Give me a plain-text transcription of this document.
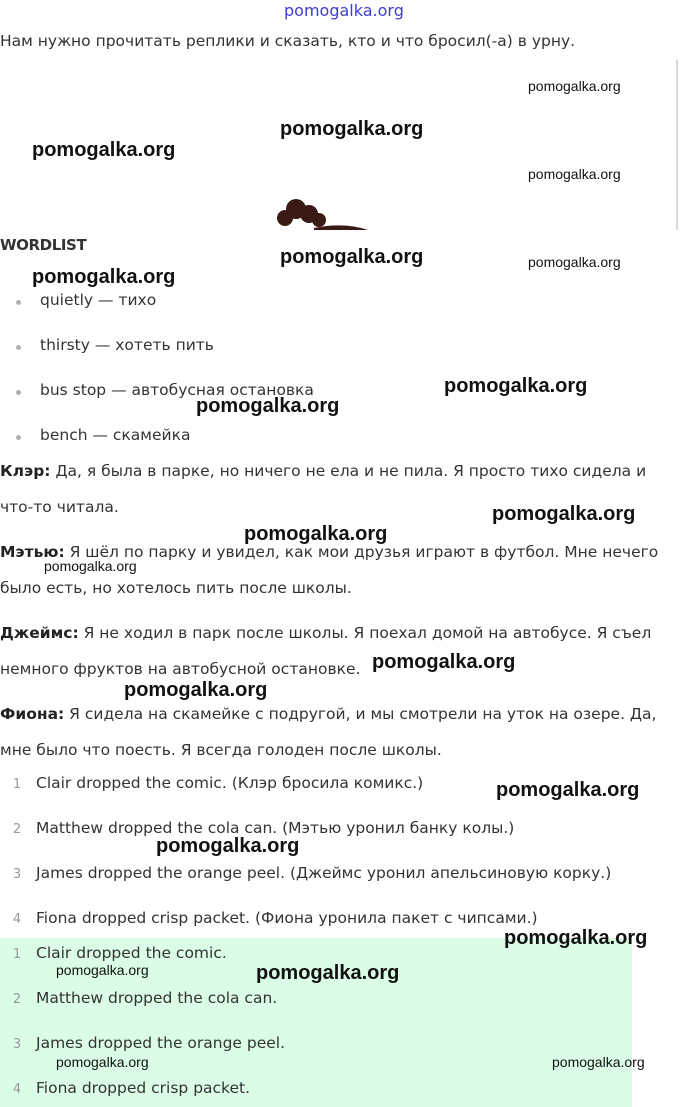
pomogalka.org
Нам нужно прочитать реплики и сказать, кто и что бросил(-а) в урну.
WORDLIST
quietly — тихо
thirsty — хотеть пить
bus stop — автобусная остановка
bench — скамейка
Клэр: Да, я была в парке, но ничего не ела и не пила. Я просто тихо сидела и
что-то читала.
Мэтью: Я шёл по парку и увидел, как мои друзья играют в футбол. Мне нечего
было есть, но хотелось пить после школы.
Джеймс: Я не ходил в парк после школы. Я поехал домой на автобусе. Я съел
немного фруктов на автобусной остановке.
Фиона: Я сидела на скамейке с подругой, и мы смотрели на уток на озере. Да,
мне было что поесть. Я всегда голоден после школы.
1 Clair dropped the comic. (Клэр бросила комикс.)
2 Matthew dropped the cola can. (Мэтью уронил банку колы.)
3 James dropped the orange peel. (Джеймс уронил апельсиновую корку.)
4 Fiona dropped crisp packet. (Фиона уронила пакет с чипсами.)
1 Clair dropped the comic.
2 Matthew dropped the cola can.
3 James dropped the orange peel.
4 Fiona dropped crisp packet.
pomogalka.org
pomogalka.org
pomogalka.org
pomogalka.org
pomogalka.org
pomogalka.org
pomogalka.org
pomogalka.org
pomogalka.org
pomogalka.org
pomogalka.org
pomogalka.org
pomogalka.org
pomogalka.org
pomogalka.org
pomogalka.org
pomogalka.org
pomogalka.org
pomogalka.org
pomogalka.org	pomogalka.org
